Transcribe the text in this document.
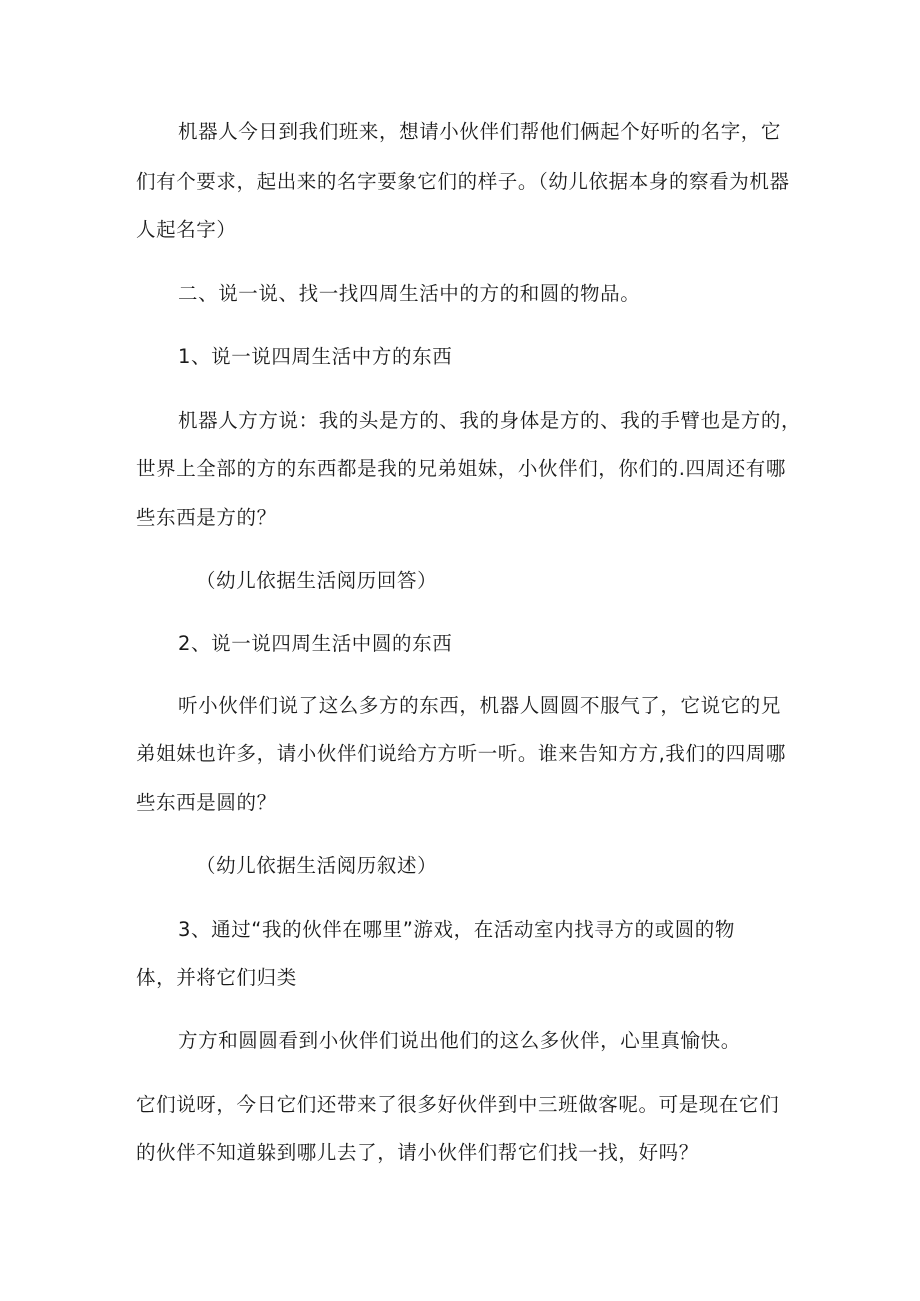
机器人今日到我们班来，想请小伙伴们帮他们俩起个好听的名字，它
们有个要求，起出来的名字要象它们的样子。（幼儿依据本身的察看为机器
人起名字）
二、说一说、找一找四周生活中的方的和圆的物品。
1、说一说四周生活中方的东西
机器人方方说：我的头是方的、我的身体是方的、我的手臂也是方的，
世界上全部的方的东西都是我的兄弟姐妹，小伙伴们，你们的.四周还有哪
些东西是方的？
（幼儿依据生活阅历回答）
2、说一说四周生活中圆的东西
听小伙伴们说了这么多方的东西，机器人圆圆不服气了，它说它的兄
弟姐妹也许多，请小伙伴们说给方方听一听。谁来告知方方,我们的四周哪
些东西是圆的？
（幼儿依据生活阅历叙述）
3、通过“我的伙伴在哪里”游戏，在活动室内找寻方的或圆的物
体，并将它们归类
方方和圆圆看到小伙伴们说出他们的这么多伙伴，心里真愉快。
它们说呀，今日它们还带来了很多好伙伴到中三班做客呢。可是现在它们
的伙伴不知道躲到哪儿去了，请小伙伴们帮它们找一找，好吗？
